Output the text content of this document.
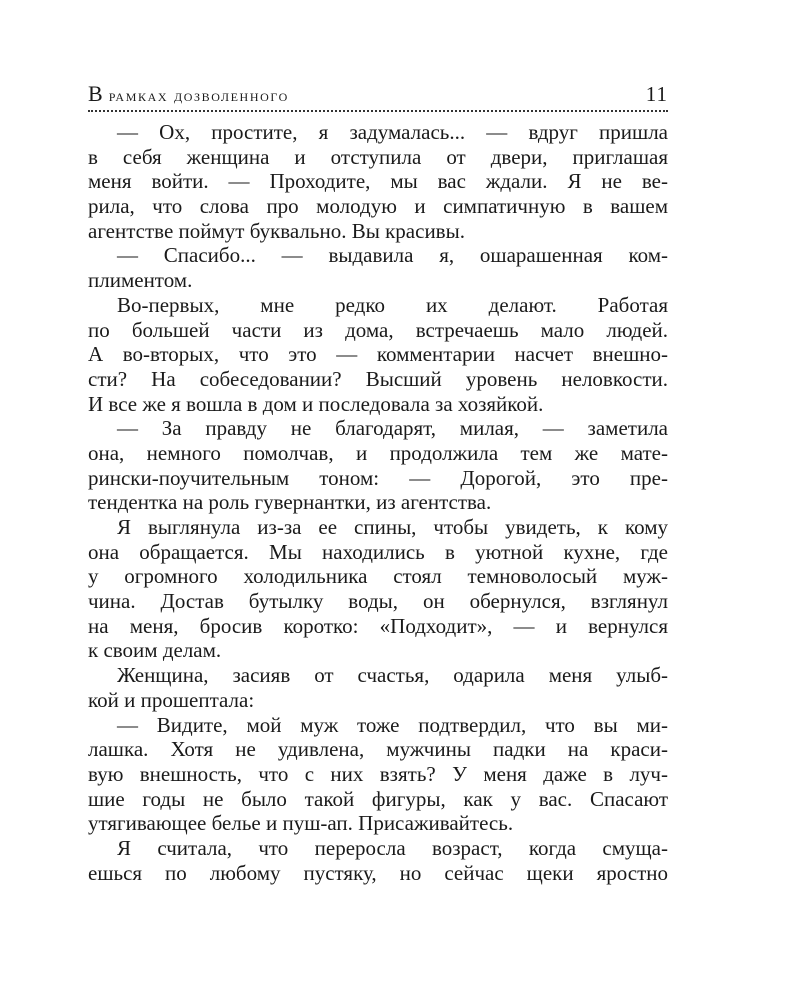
В рамках дозволенного	11
— Ох, простите, я задумалась... — вдруг пришла
в себя женщина и отступила от двери, приглашая
меня войти. — Проходите, мы вас ждали. Я не ве-
рила, что слова про молодую и симпатичную в вашем
агентстве поймут буквально. Вы красивы.
— Спасибо... — выдавила я, ошарашенная ком-
плиментом.
Во-первых, мне редко их делают. Работая
по большей части из дома, встречаешь мало людей.
А во-вторых, что это — комментарии насчет внешно-
сти? На собеседовании? Высший уровень неловкости.
И все же я вошла в дом и последовала за хозяйкой.
— За правду не благодарят, милая, — заметила
она, немного помолчав, и продолжила тем же мате-
рински-поучительным тоном: — Дорогой, это пре-
тендентка на роль гувернантки, из агентства.
Я выглянула из-за ее спины, чтобы увидеть, к кому
она обращается. Мы находились в уютной кухне, где
у огромного холодильника стоял темноволосый муж-
чина. Достав бутылку воды, он обернулся, взглянул
на меня, бросив коротко: «Подходит», — и вернулся
к своим делам.
Женщина, засияв от счастья, одарила меня улыб-
кой и прошептала:
— Видите, мой муж тоже подтвердил, что вы ми-
лашка. Хотя не удивлена, мужчины падки на краси-
вую внешность, что с них взять? У меня даже в луч-
шие годы не было такой фигуры, как у вас. Спасают
утягивающее белье и пуш-ап. Присаживайтесь.
Я считала, что переросла возраст, когда смуща-
ешься по любому пустяку, но сейчас щеки яростно
